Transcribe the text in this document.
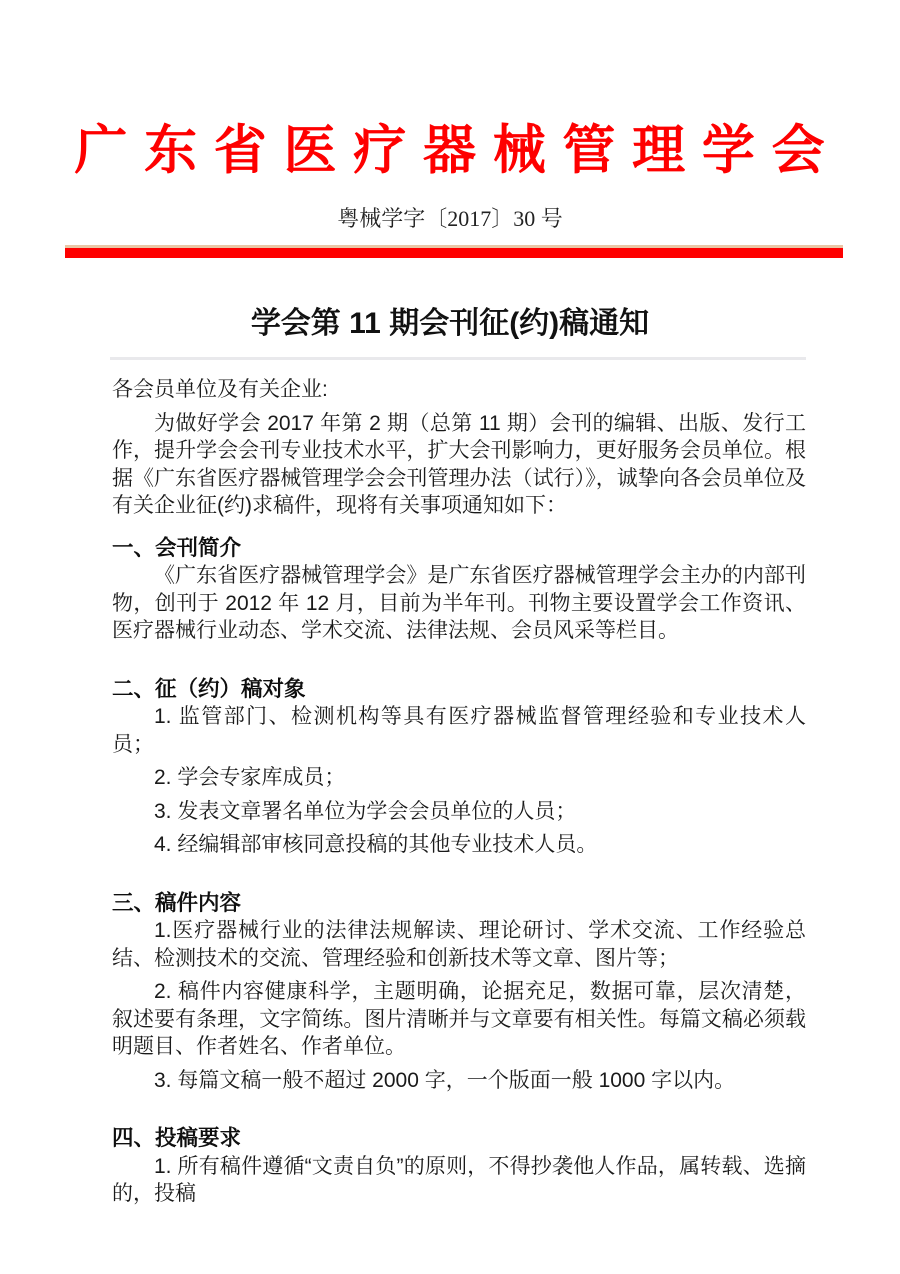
广 东 省 医 疗 器 械 管 理 学 会
粤械学字〔2017〕30 号
学会第 11 期会刊征(约)稿通知

各会员单位及有关企业:

为做好学会 2017 年第 2 期（总第 11 期）会刊的编辑、出版、发行工作，提升学会会刊专业技术水平，扩大会刊影响力，更好服务会员单位。根据《广东省医疗器械管理学会会刊管理办法（试行）》，诚挚向各会员单位及有关企业征(约)求稿件，现将有关事项通知如下：

一、会刊简介

《广东省医疗器械管理学会》是广东省医疗器械管理学会主办的内部刊物，创刊于 2012 年 12 月，目前为半年刊。刊物主要设置学会工作资讯、医疗器械行业动态、学术交流、法律法规、会员风采等栏目。

二、征（约）稿对象

1. 监管部门、检测机构等具有医疗器械监督管理经验和专业技术人员；

2. 学会专家库成员；

3. 发表文章署名单位为学会会员单位的人员；

4. 经编辑部审核同意投稿的其他专业技术人员。

三、稿件内容

1.医疗器械行业的法律法规解读、理论研讨、学术交流、工作经验总结、检测技术的交流、管理经验和创新技术等文章、图片等；

2. 稿件内容健康科学，主题明确，论据充足，数据可靠，层次清楚，叙述要有条理，文字简练。图片清晰并与文章要有相关性。每篇文稿必须载明题目、作者姓名、作者单位。

3. 每篇文稿一般不超过 2000 字，一个版面一般 1000 字以内。

四、投稿要求

1. 所有稿件遵循“文责自负”的原则，不得抄袭他人作品，属转载、选摘的，投稿
